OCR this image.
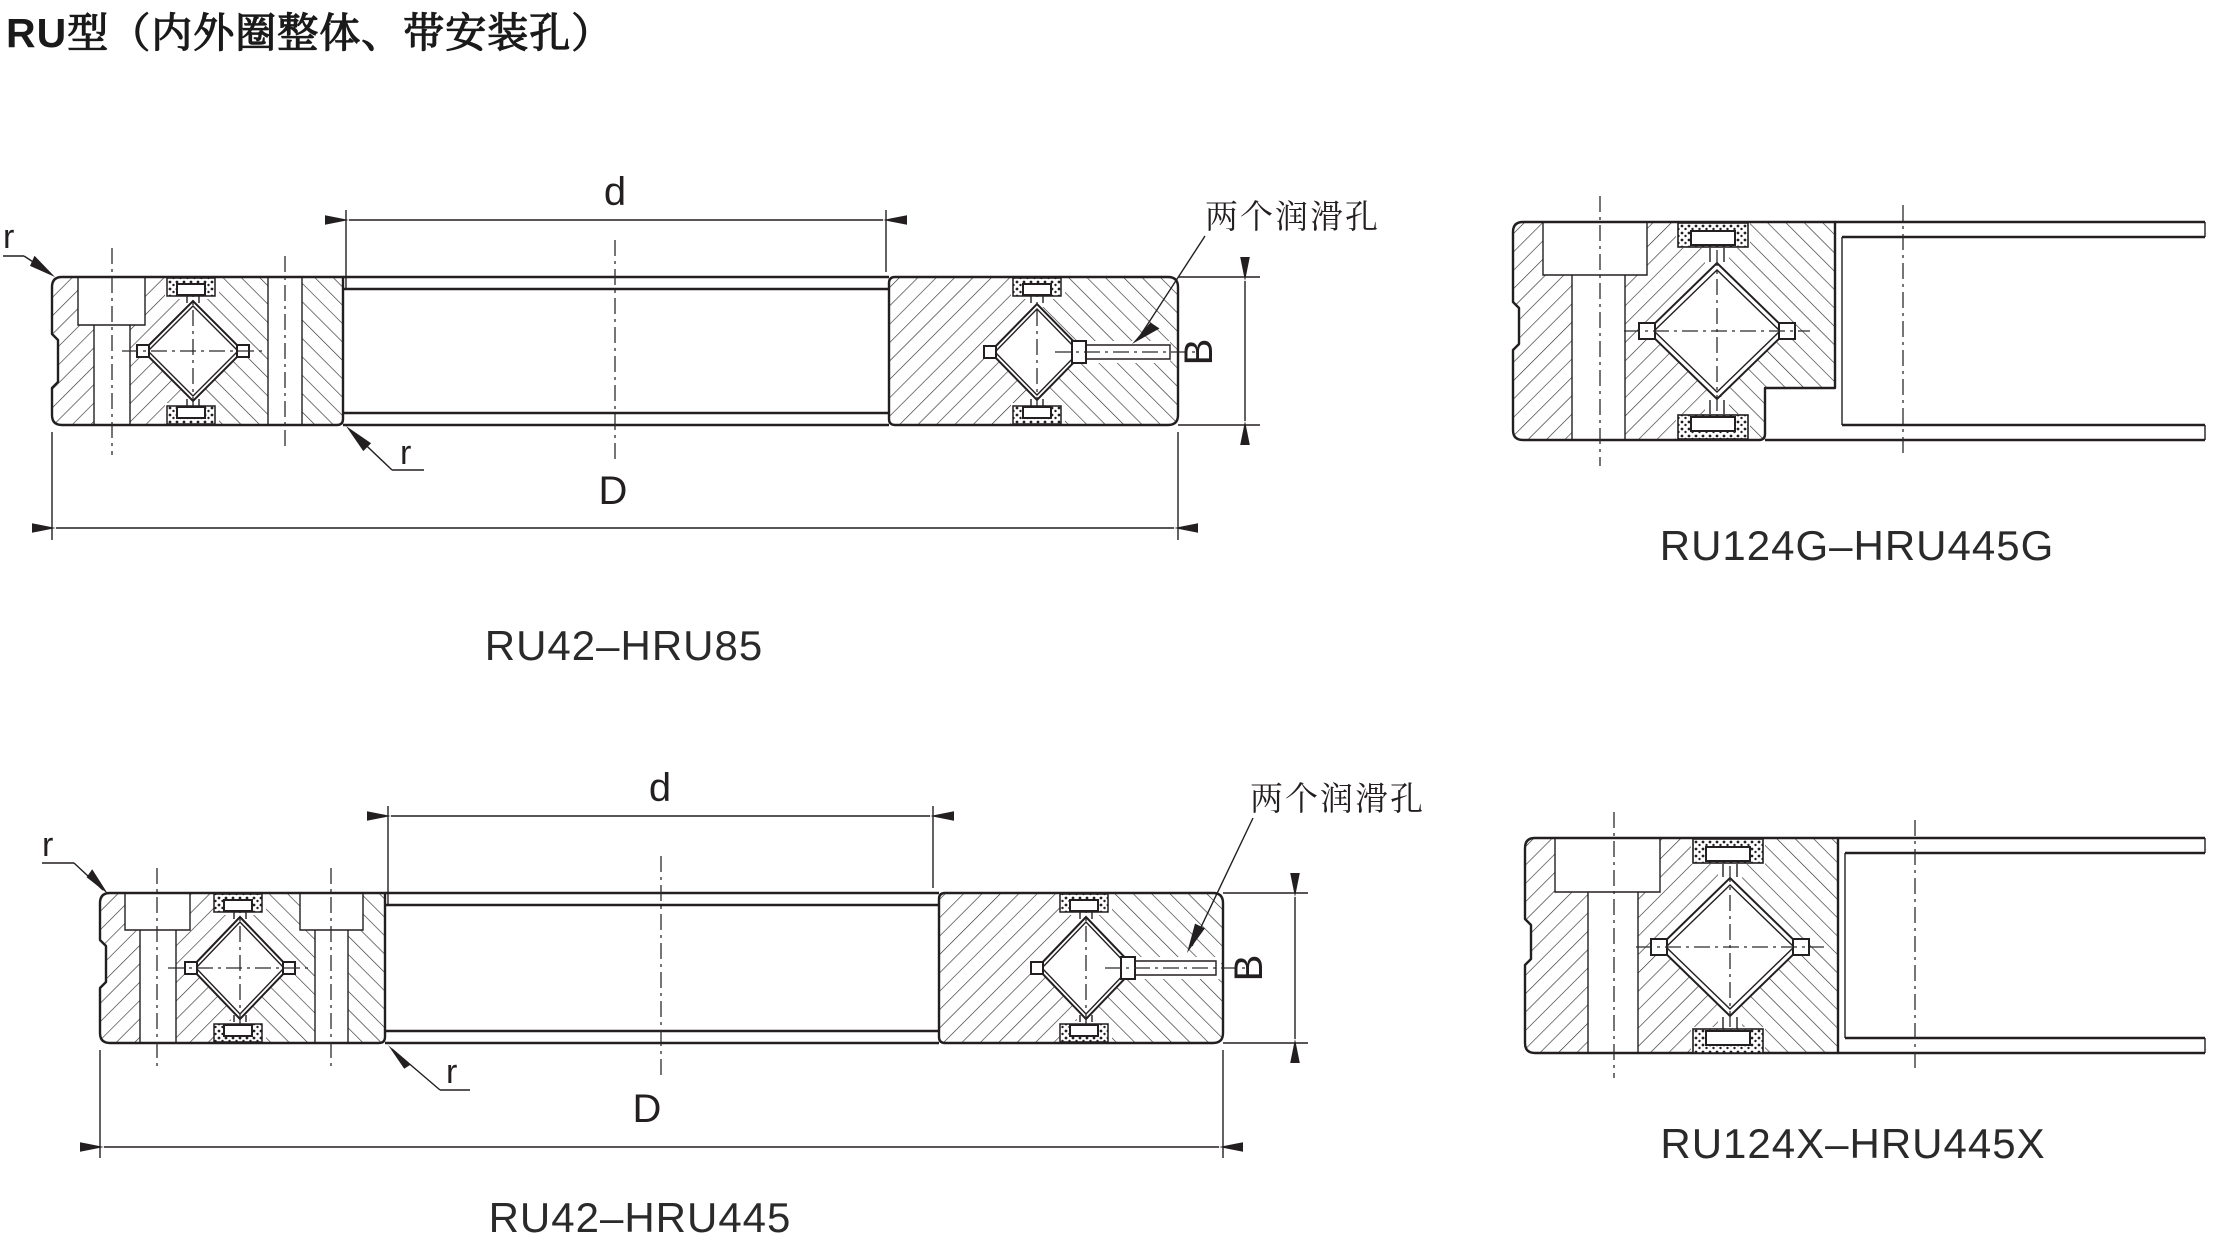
RU型（内外圈整体、带安装孔）
d
D
B
r
r
两个润滑孔
RU42–HRU85
d
D
B
r
r
两个润滑孔
RU42–HRU445
RU124G–HRU445G
RU124X–HRU445X
